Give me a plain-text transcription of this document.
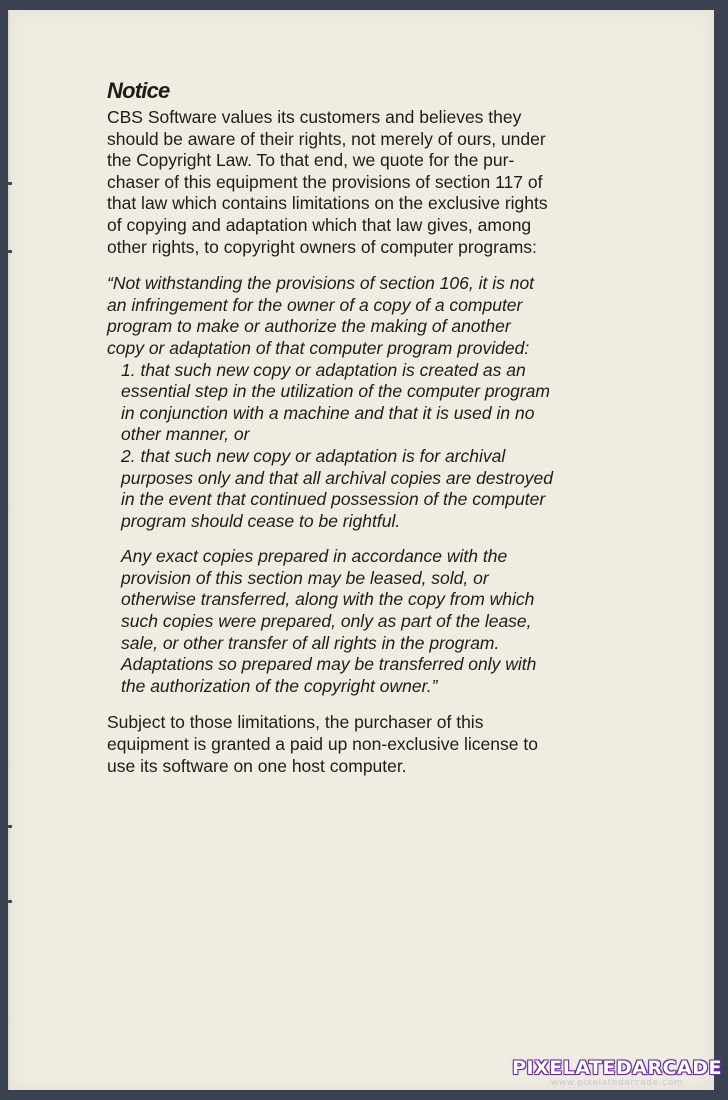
Notice

CBS Software values its customers and believes they
should be aware of their rights, not merely of ours, under
the Copyright Law. To that end, we quote for the pur-
chaser of this equipment the provisions of section 117 of
that law which contains limitations on the exclusive rights
of copying and adaptation which that law gives, among
other rights, to copyright owners of computer programs:

“Not withstanding the provisions of section 106, it is not
an infringement for the owner of a copy of a computer
program to make or authorize the making of another
copy or adaptation of that computer program provided:
1. that such new copy or adaptation is created as an
essential step in the utilization of the computer program
in conjunction with a machine and that it is used in no
other manner, or
2. that such new copy or adaptation is for archival
purposes only and that all archival copies are destroyed
in the event that continued possession of the computer
program should cease to be rightful.
Any exact copies prepared in accordance with the
provision of this section may be leased, sold, or
otherwise transferred, along with the copy from which
such copies were prepared, only as part of the lease,
sale, or other transfer of all rights in the program.
Adaptations so prepared may be transferred only with
the authorization of the copyright owner.”

Subject to those limitations, the purchaser of this
equipment is granted a paid up non-exclusive license to
use its software on one host computer.

PIXELATEDARCADE
www.pixelatedarcade.com
